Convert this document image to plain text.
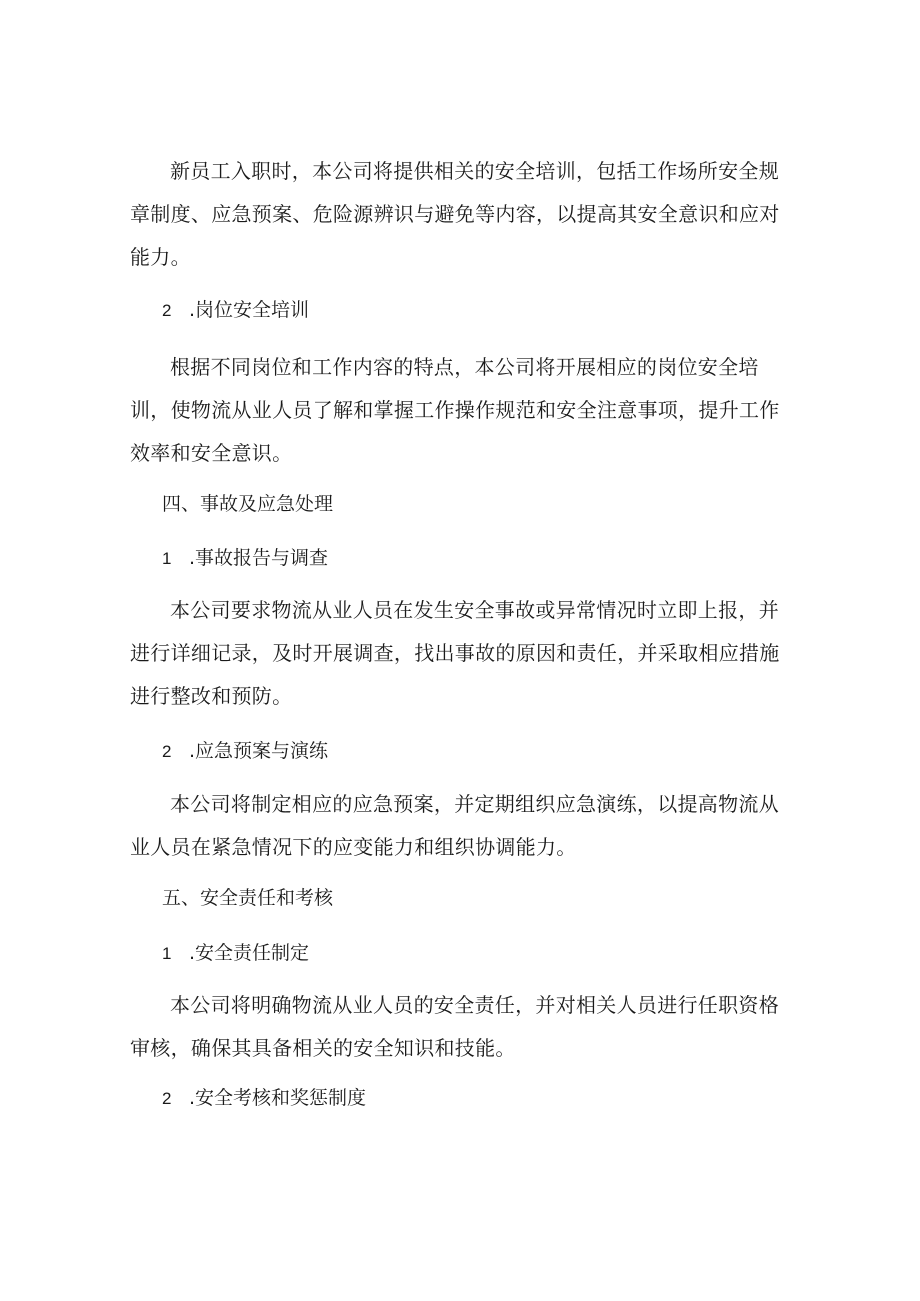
新员工入职时，本公司将提供相关的安全培训，包括工作场所安全规章制度、应急预案、危险源辨识与避免等内容，以提高其安全意识和应对能力。

2 .岗位安全培训

根据不同岗位和工作内容的特点，本公司将开展相应的岗位安全培训，使物流从业人员了解和掌握工作操作规范和安全注意事项，提升工作效率和安全意识。

四、事故及应急处理
1 .事故报告与调查

本公司要求物流从业人员在发生安全事故或异常情况时立即上报，并进行详细记录，及时开展调查，找出事故的原因和责任，并采取相应措施进行整改和预防。

2 .应急预案与演练

本公司将制定相应的应急预案，并定期组织应急演练，以提高物流从业人员在紧急情况下的应变能力和组织协调能力。

五、安全责任和考核
1 .安全责任制定

本公司将明确物流从业人员的安全责任，并对相关人员进行任职资格审核，确保其具备相关的安全知识和技能。

2 .安全考核和奖惩制度
